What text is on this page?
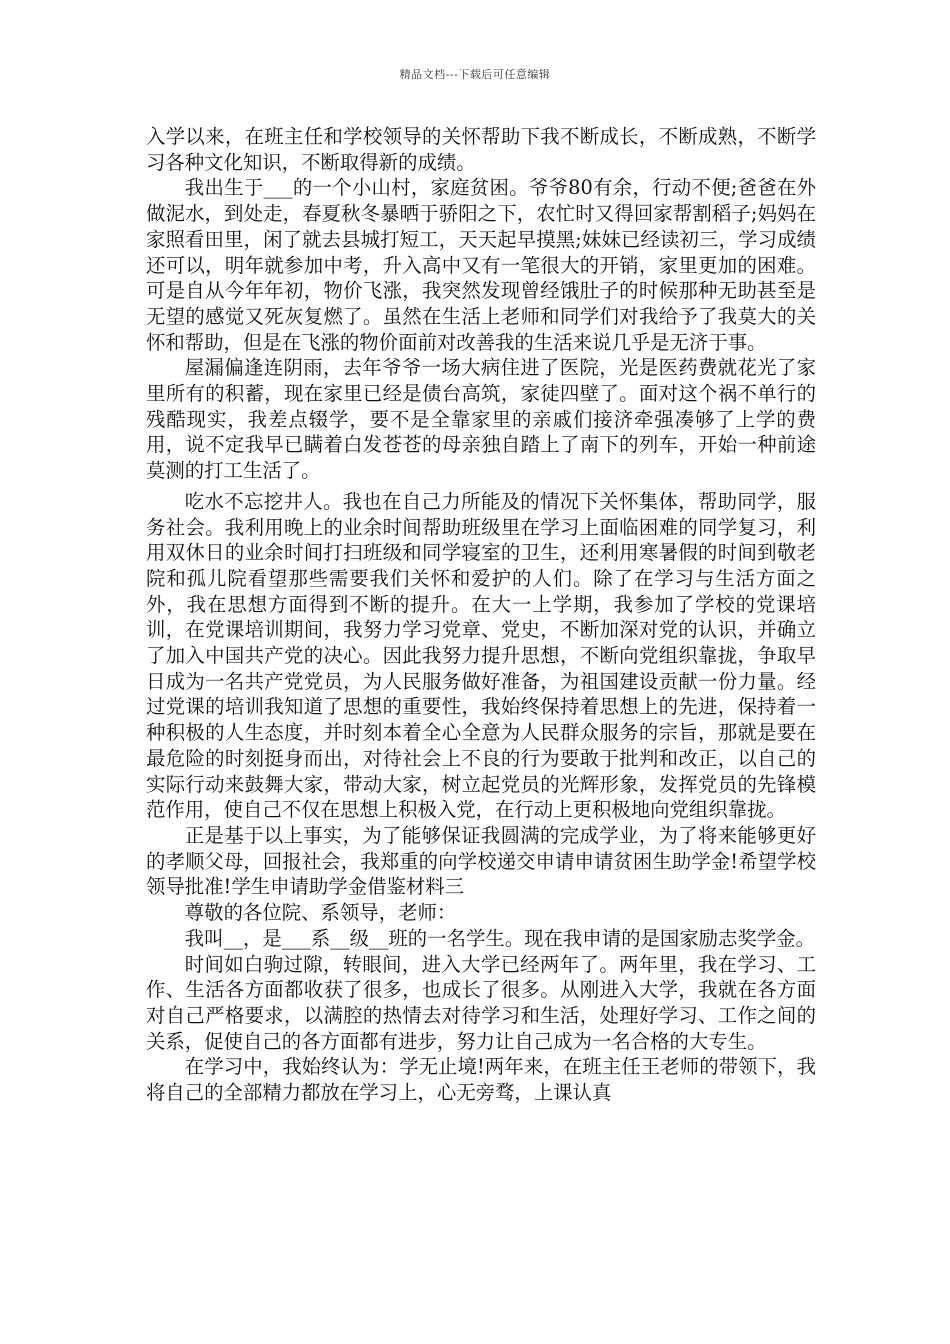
精品文档---下载后可任意编辑

入学以来，在班主任和学校领导的关怀帮助下我不断成长，不断成熟，不断学习各种文化知识，不断取得新的成绩。

我出生于___的一个小山村，家庭贫困。爷爷80有余，行动不便;爸爸在外做泥水，到处走，春夏秋冬暴晒于骄阳之下，农忙时又得回家帮割稻子;妈妈在家照看田里，闲了就去县城打短工，天天起早摸黑;妹妹已经读初三，学习成绩还可以，明年就参加中考，升入高中又有一笔很大的开销，家里更加的困难。可是自从今年年初，物价飞涨，我突然发现曾经饿肚子的时候那种无助甚至是无望的感觉又死灰复燃了。虽然在生活上老师和同学们对我给予了我莫大的关怀和帮助，但是在飞涨的物价面前对改善我的生活来说几乎是无济于事。

屋漏偏逢连阴雨，去年爷爷一场大病住进了医院，光是医药费就花光了家里所有的积蓄，现在家里已经是债台高筑，家徒四壁了。面对这个祸不单行的残酷现实，我差点辍学，要不是全靠家里的亲戚们接济牵强凑够了上学的费用，说不定我早已瞒着白发苍苍的母亲独自踏上了南下的列车，开始一种前途莫测的打工生活了。

吃水不忘挖井人。我也在自己力所能及的情况下关怀集体，帮助同学，服务社会。我利用晚上的业余时间帮助班级里在学习上面临困难的同学复习，利用双休日的业余时间打扫班级和同学寝室的卫生，还利用寒暑假的时间到敬老院和孤儿院看望那些需要我们关怀和爱护的人们。除了在学习与生活方面之外，我在思想方面得到不断的提升。在大一上学期，我参加了学校的党课培训，在党课培训期间，我努力学习党章、党史，不断加深对党的认识，并确立了加入中国共产党的决心。因此我努力提升思想，不断向党组织靠拢，争取早日成为一名共产党党员，为人民服务做好准备，为祖国建设贡献一份力量。经过党课的培训我知道了思想的重要性，我始终保持着思想上的先进，保持着一种积极的人生态度，并时刻本着全心全意为人民群众服务的宗旨，那就是要在最危险的时刻挺身而出，对待社会上不良的行为要敢于批判和改正，以自己的实际行动来鼓舞大家，带动大家，树立起党员的光辉形象，发挥党员的先锋模范作用，使自己不仅在思想上积极入党，在行动上更积极地向党组织靠拢。

正是基于以上事实，为了能够保证我圆满的完成学业，为了将来能够更好的孝顺父母，回报社会，我郑重的向学校递交申请申请贫困生助学金!希望学校领导批准!学生申请助学金借鉴材料三

尊敬的各位院、系领导，老师：

我叫__，是___系__级__班的一名学生。现在我申请的是国家励志奖学金。

时间如白驹过隙，转眼间，进入大学已经两年了。两年里，我在学习、工作、生活各方面都收获了很多，也成长了很多。从刚进入大学，我就在各方面对自己严格要求，以满腔的热情去对待学习和生活，处理好学习、工作之间的关系，促使自己的各方面都有进步，努力让自己成为一名合格的大专生。

在学习中，我始终认为：学无止境!两年来，在班主任王老师的带领下，我将自己的全部精力都放在学习上，心无旁骛，上课认真
